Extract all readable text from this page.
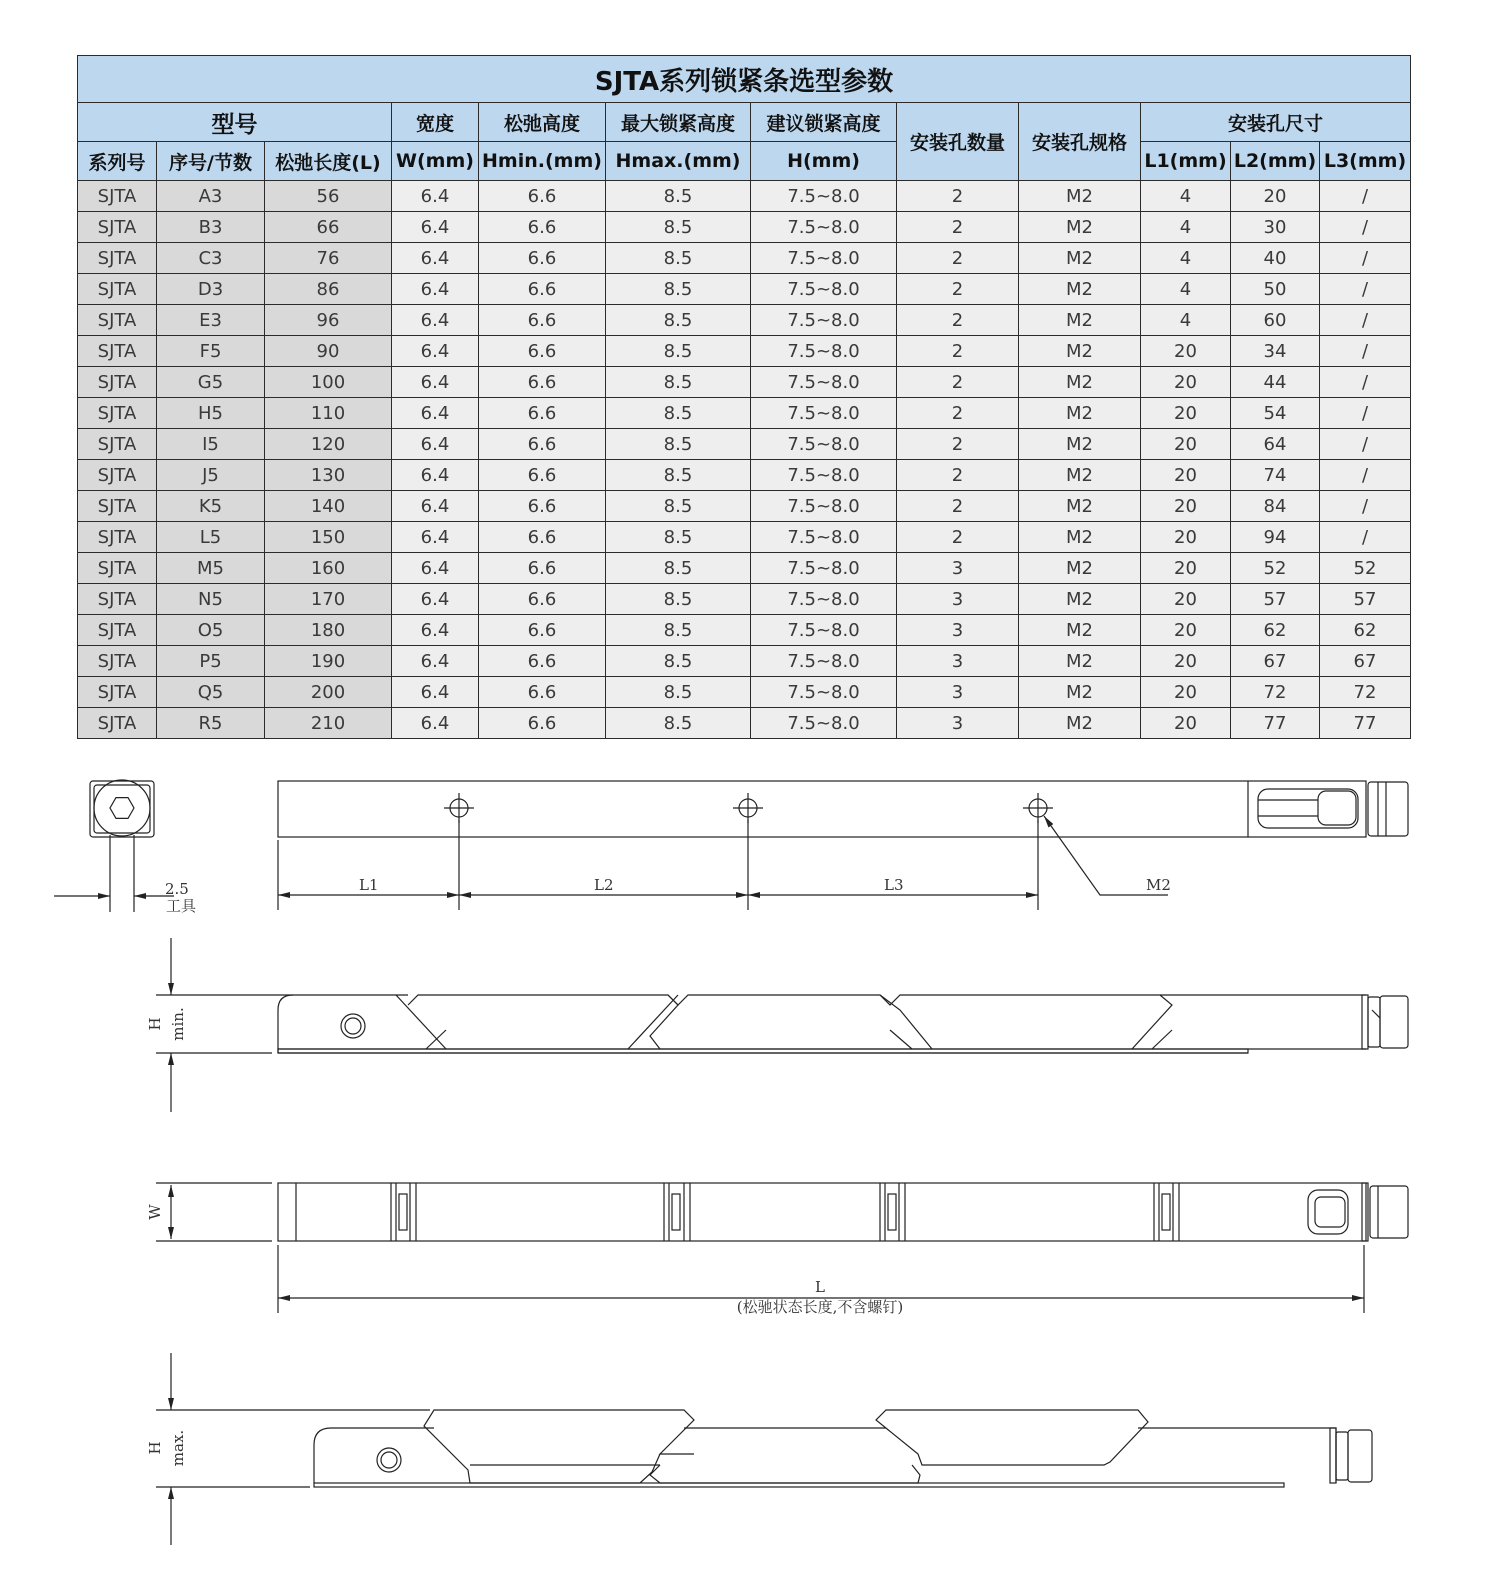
SJTA系列锁紧条选型参数											
型号			宽度	松弛高度	最大锁紧高度	建议锁紧高度	安装孔数量	安装孔规格	安装孔尺寸		
系列号	序号/节数	松弛长度(L)	W(mm)	Hmin.(mm)	Hmax.(mm)	H(mm)			L1(mm)	L2(mm)	L3(mm)
SJTA	A3	56	6.4	6.6	8.5	7.5~8.0	2	M2	4	20	/
SJTA	B3	66	6.4	6.6	8.5	7.5~8.0	2	M2	4	30	/
SJTA	C3	76	6.4	6.6	8.5	7.5~8.0	2	M2	4	40	/
SJTA	D3	86	6.4	6.6	8.5	7.5~8.0	2	M2	4	50	/
SJTA	E3	96	6.4	6.6	8.5	7.5~8.0	2	M2	4	60	/
SJTA	F5	90	6.4	6.6	8.5	7.5~8.0	2	M2	20	34	/
SJTA	G5	100	6.4	6.6	8.5	7.5~8.0	2	M2	20	44	/
SJTA	H5	110	6.4	6.6	8.5	7.5~8.0	2	M2	20	54	/
SJTA	I5	120	6.4	6.6	8.5	7.5~8.0	2	M2	20	64	/
SJTA	J5	130	6.4	6.6	8.5	7.5~8.0	2	M2	20	74	/
SJTA	K5	140	6.4	6.6	8.5	7.5~8.0	2	M2	20	84	/
SJTA	L5	150	6.4	6.6	8.5	7.5~8.0	2	M2	20	94	/
SJTA	M5	160	6.4	6.6	8.5	7.5~8.0	3	M2	20	52	52
SJTA	N5	170	6.4	6.6	8.5	7.5~8.0	3	M2	20	57	57
SJTA	O5	180	6.4	6.6	8.5	7.5~8.0	3	M2	20	62	62
SJTA	P5	190	6.4	6.6	8.5	7.5~8.0	3	M2	20	67	67
SJTA	Q5	200	6.4	6.6	8.5	7.5~8.0	3	M2	20	72	72
SJTA	R5	210	6.4	6.6	8.5	7.5~8.0	3	M2	20	77	77
2.5
工具
L1	L2	L3	M2
H min.
W
L
(松驰状态长度,不含螺钉)
H max.
